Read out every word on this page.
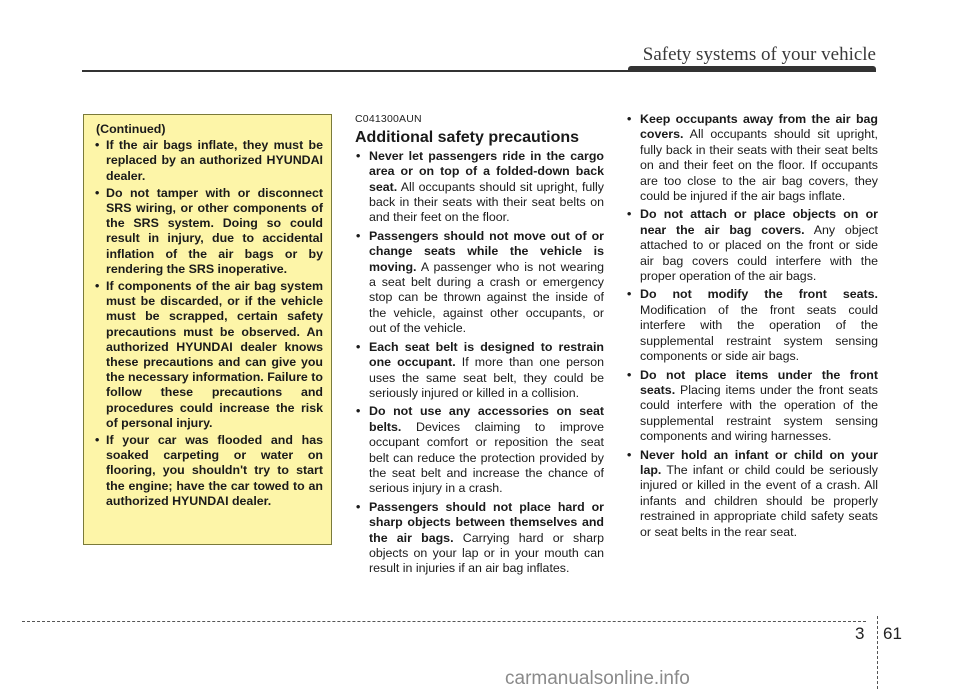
Safety systems of your vehicle
(Continued)
• If the air bags inflate, they must be replaced by an authorized HYUNDAI dealer.
• Do not tamper with or disconnect SRS wiring, or other components of the SRS system. Doing so could result in injury, due to accidental inflation of the air bags or by rendering the SRS inoperative.
• If components of the air bag system must be discarded, or if the vehicle must be scrapped, certain safety precautions must be observed. An authorized HYUNDAI dealer knows these precautions and can give you the necessary information. Failure to follow these precautions and procedures could increase the risk of personal injury.
• If your car was flooded and has soaked carpeting or water on flooring, you shouldn't try to start the engine; have the car towed to an authorized HYUNDAI dealer.
C041300AUN
Additional safety precautions
• Never let passengers ride in the cargo area or on top of a folded-down back seat. All occupants should sit upright, fully back in their seats with their seat belts on and their feet on the floor.
• Passengers should not move out of or change seats while the vehicle is moving. A passenger who is not wearing a seat belt during a crash or emergency stop can be thrown against the inside of the vehicle, against other occupants, or out of the vehicle.
• Each seat belt is designed to restrain one occupant. If more than one person uses the same seat belt, they could be seriously injured or killed in a collision.
• Do not use any accessories on seat belts. Devices claiming to improve occupant comfort or reposition the seat belt can reduce the protection provided by the seat belt and increase the chance of serious injury in a crash.
• Passengers should not place hard or sharp objects between themselves and the air bags. Carrying hard or sharp objects on your lap or in your mouth can result in injuries if an air bag inflates.
• Keep occupants away from the air bag covers. All occupants should sit upright, fully back in their seats with their seat belts on and their feet on the floor. If occupants are too close to the air bag covers, they could be injured if the air bags inflate.
• Do not attach or place objects on or near the air bag covers. Any object attached to or placed on the front or side air bag covers could interfere with the proper operation of the air bags.
• Do not modify the front seats. Modification of the front seats could interfere with the operation of the supplemental restraint system sensing components or side air bags.
• Do not place items under the front seats. Placing items under the front seats could interfere with the operation of the supplemental restraint system sensing components and wiring harnesses.
• Never hold an infant or child on your lap. The infant or child could be seriously injured or killed in the event of a crash. All infants and children should be properly restrained in appropriate child safety seats or seat belts in the rear seat.
3 61
carmanualsonline.info
